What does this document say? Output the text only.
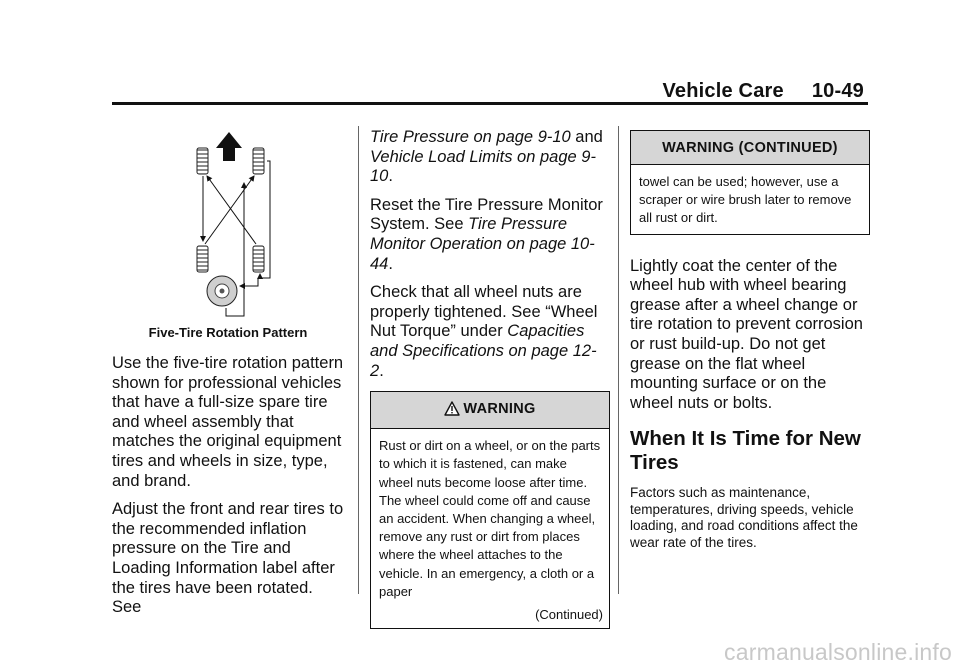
Vehicle Care 10-49
Five-Tire Rotation Pattern

Use the five-tire rotation pattern shown for professional vehicles that have a full-size spare tire and wheel assembly that matches the original equipment tires and wheels in size, type, and brand.

Adjust the front and rear tires to the recommended inflation pressure on the Tire and Loading Information label after the tires have been rotated. See

Tire Pressure on page 9-10 and Vehicle Load Limits on page 9-10.

Reset the Tire Pressure Monitor System. See Tire Pressure Monitor Operation on page 10-44.

Check that all wheel nuts are properly tightened. See “Wheel Nut Torque” under Capacities and Specifications on page 12-2.

WARNING
Rust or dirt on a wheel, or on the parts to which it is fastened, can make wheel nuts become loose after time. The wheel could come off and cause an accident. When changing a wheel, remove any rust or dirt from places where the wheel attaches to the vehicle. In an emergency, a cloth or a paper
(Continued)
WARNING (CONTINUED)
towel can be used; however, use a scraper or wire brush later to remove all rust or dirt.

Lightly coat the center of the wheel hub with wheel bearing grease after a wheel change or tire rotation to prevent corrosion or rust build-up. Do not get grease on the flat wheel mounting surface or on the wheel nuts or bolts.

When It Is Time for New Tires

Factors such as maintenance, temperatures, driving speeds, vehicle loading, and road conditions affect the wear rate of the tires.

carmanualsonline.info
